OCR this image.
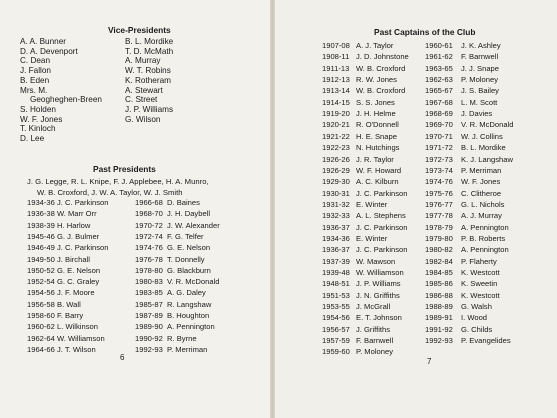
Vice-Presidents
A. A. Bunner
D. A. Devenport
C. Dean
J. Fallon
B. Eden
Mrs. M.
Geogheghen-Breen
S. Holden
W. F. Jones
T. Kinloch
D. Lee
B. L. Mordike
T. D. McMath
A. Murray
W. T. Robins
K. Rotheram
A. Stewart
C. Street
J. P. Williams
G. Wilson
Past Presidents
J. G. Legge, R. L. Knipe, F. J. Applebee, H. A. Munro,
W. B. Croxford, J. W. A. Taylor, W. J. Smith
1934-36 J. C. Parkinson
1936-38 W. Marr Orr
1938-39 H. Harlow
1945-46 G. J. Bulmer
1946-49 J. C. Parkinson
1949-50 J. Birchall
1950-52 G. E. Nelson
1952-54 G. C. Graley
1954-56 J. F. Moore
1956-58 B. Wall
1958-60 F. Barry
1960-62 L. Wilkinson
1962-64 W. Williamson
1964-66 J. T. Wilson
1966-68 D. Baines
1968-70 J. H. Daybell
1970-72 J. W. Alexander
1972-74 F. G. Telfer
1974-76 G. E. Nelson
1976-78 T. Donnelly
1978-80 G. Blackburn
1980-83 V. R. McDonald
1983-85 A. G. Daley
1985-87 R. Langshaw
1987-89 B. Houghton
1989-90 A. Pennington
1990-92 R. Byrne
1992-93 P. Merriman
6
Past Captains of the Club
1907-08 A. J. Taylor
1908-11 J. D. Johnstone
1911-13 W. B. Croxford
1912-13 R. W. Jones
1913-14 W. B. Croxford
1914-15 S. S. Jones
1919-20 J. H. Helme
1920-21 R. O'Donnell
1921-22 H. E. Snape
1922-23 N. Hutchings
1926-26 J. R. Taylor
1926-29 W. F. Howard
1929-30 A. C. Kilburn
1930-31 J. C. Parkinson
1931-32 E. Winter
1932-33 A. L. Stephens
1936-37 J. C. Parkinson
1934-36 E. Winter
1936-37 J. C. Parkinson
1937-39 W. Mawson
1939-48 W. Williamson
1948-51 J. P. Williams
1951-53 J. N. Griffiths
1953-55 J. McGrall
1954-56 E. T. Johnson
1956-57 J. Griffiths
1957-59 F. Barnwell
1959-60 P. Moloney
1960-61 J. K. Ashley
1961-62 F. Barnwell
1963-65 J. J. Snape
1962-63 P. Moloney
1965-67 J. S. Bailey
1967-68 L. M. Scott
1968-69 J. Davies
1969-70 V. R. McDonald
1970-71 W. J. Collins
1971-72 B. L. Mordike
1972-73 K. J. Langshaw
1973-74 P. Merriman
1974-76 W. F. Jones
1975-76 C. Clitheroe
1976-77 G. L. Nichols
1977-78 A. J. Murray
1978-79 A. Pennington
1979-80 P. B. Roberts
1980-82 A. Pennington
1982-84 P. Flaherty
1984-85 K. Westcott
1985-86 K. Sweetin
1986-88 K. Westcott
1988-89 G. Walsh
1989-91 I. Wood
1991-92 G. Childs
1992-93 P. Evangelides
7
